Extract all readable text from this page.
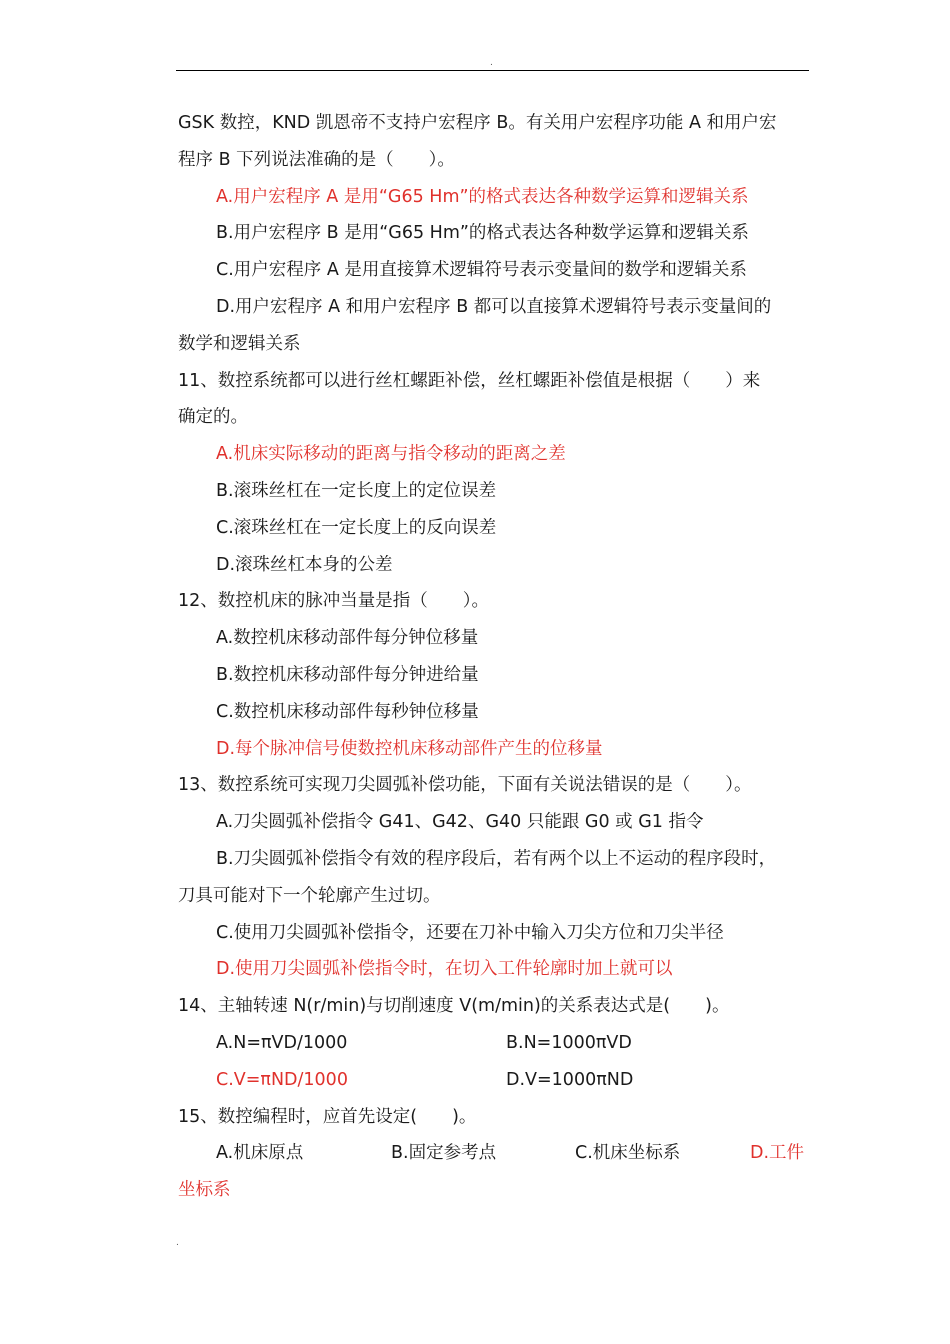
.
GSK 数控，KND 凯恩帝不支持户宏程序 B。有关用户宏程序功能 A 和用户宏
程序 B 下列说法准确的是（　　）。
A.用户宏程序 A 是用“G65 Hm”的格式表达各种数学运算和逻辑关系
B.用户宏程序 B 是用“G65 Hm”的格式表达各种数学运算和逻辑关系
C.用户宏程序 A 是用直接算术逻辑符号表示变量间的数学和逻辑关系
D.用户宏程序 A 和用户宏程序 B 都可以直接算术逻辑符号表示变量间的
数学和逻辑关系
11、数控系统都可以进行丝杠螺距补偿，丝杠螺距补偿值是根据（　　）来
确定的。
A.机床实际移动的距离与指令移动的距离之差
B.滚珠丝杠在一定长度上的定位误差
C.滚珠丝杠在一定长度上的反向误差
D.滚珠丝杠本身的公差
12、数控机床的脉冲当量是指（　　）。
A.数控机床移动部件每分钟位移量
B.数控机床移动部件每分钟进给量
C.数控机床移动部件每秒钟位移量
D.每个脉冲信号使数控机床移动部件产生的位移量
13、数控系统可实现刀尖圆弧补偿功能，下面有关说法错误的是（　　）。
A.刀尖圆弧补偿指令 G41、G42、G40 只能跟 G0 或 G1 指令
B.刀尖圆弧补偿指令有效的程序段后，若有两个以上不运动的程序段时，
刀具可能对下一个轮廓产生过切。
C.使用刀尖圆弧补偿指令，还要在刀补中输入刀尖方位和刀尖半径
D.使用刀尖圆弧补偿指令时，在切入工件轮廓时加上就可以
14、主轴转速 N(r/min)与切削速度 V(m/min)的关系表达式是(　　)。
A.N=πVD/1000	B.N=1000πVD
C.V=πND/1000	D.V=1000πND
15、数控编程时，应首先设定(　　)。
A.机床原点	B.固定参考点	C.机床坐标系	D.工件
坐标系
.
